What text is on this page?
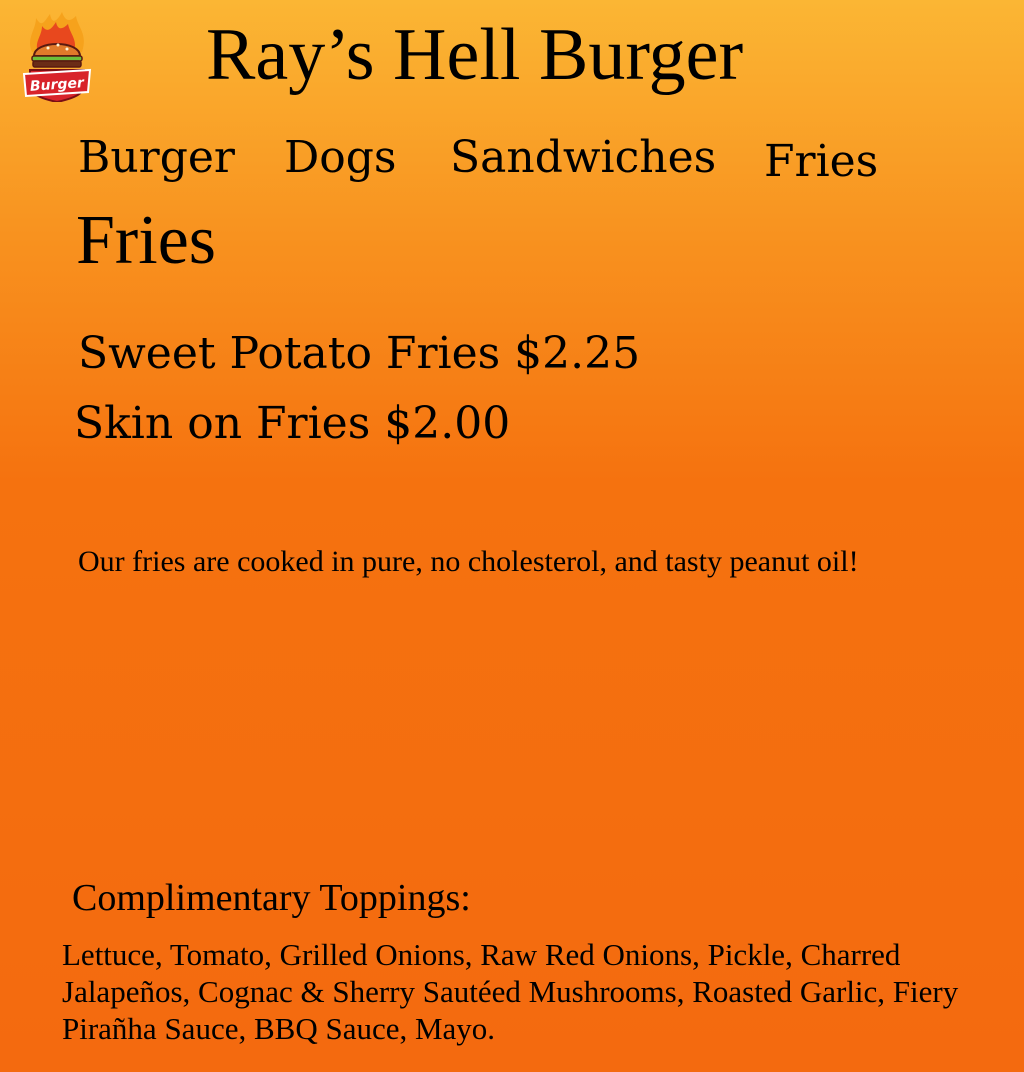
Burger Ray’s Hell Burger
Burger Dogs Sandwiches Fries
Fries

Sweet Potato Fries $2.25

Skin on Fries $2.00

Our fries are cooked in pure, no cholesterol, and tasty peanut oil!

Complimentary Toppings:

Lettuce, Tomato, Grilled Onions, Raw Red Onions, Pickle, Charred Jalapeños, Cognac & Sherry Sautéed Mushrooms, Roasted Garlic, Fiery Pirañha Sauce, BBQ Sauce, Mayo.
